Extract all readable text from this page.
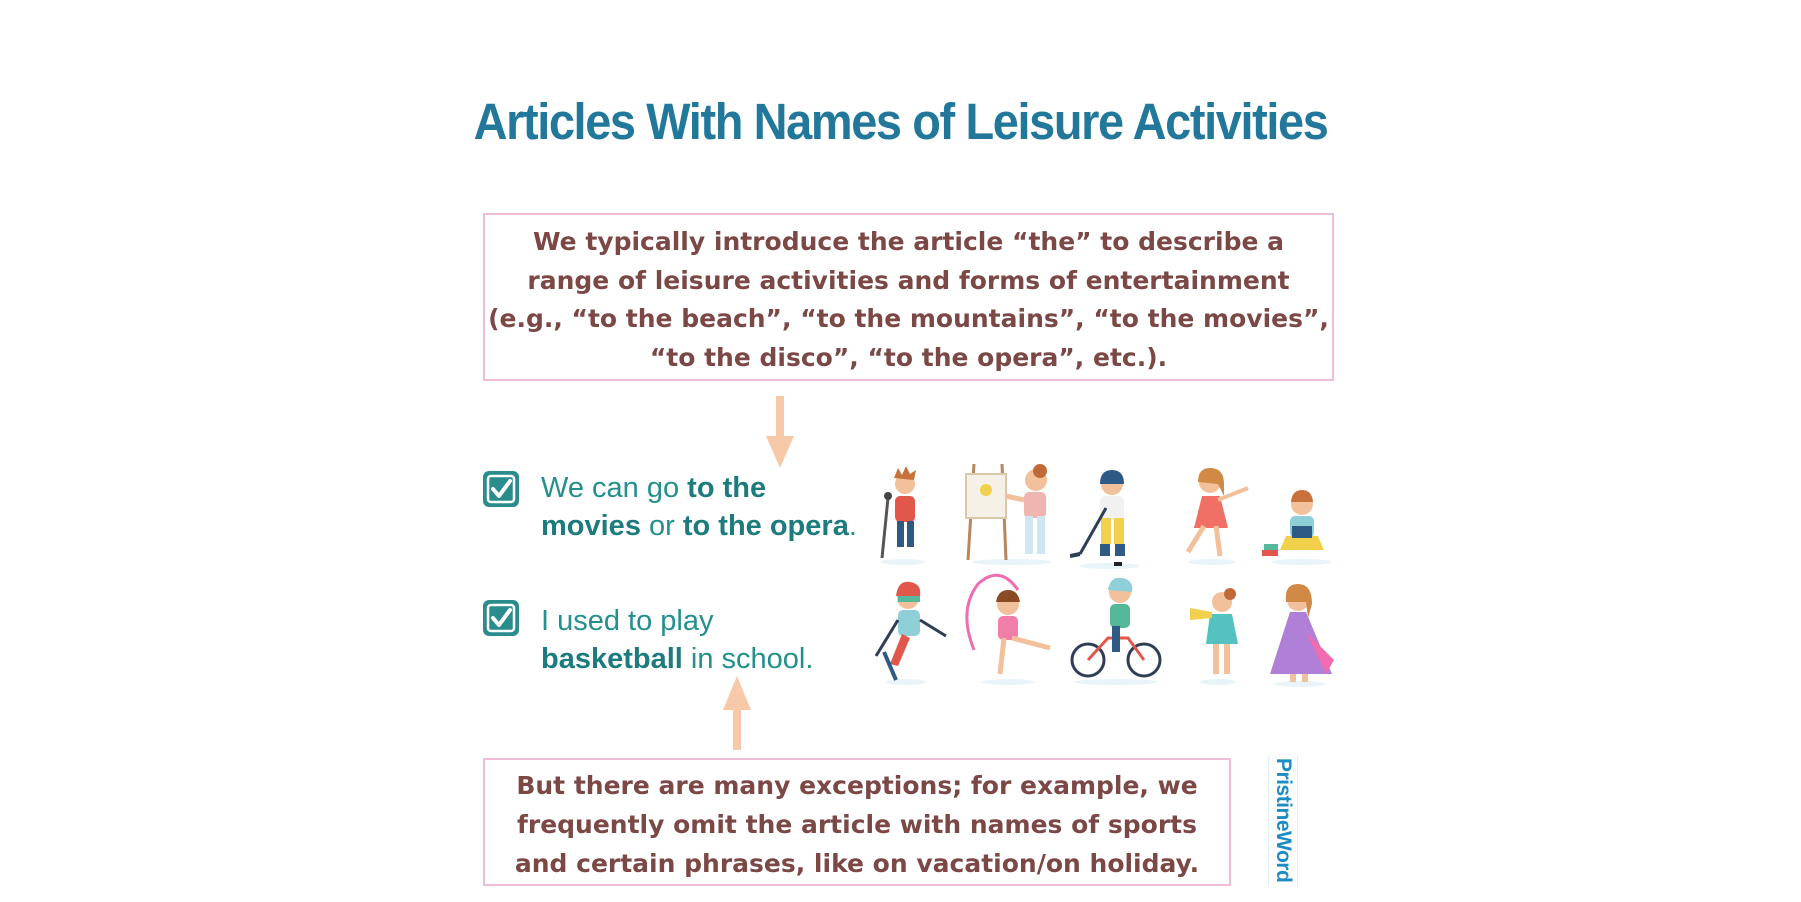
Articles With Names of Leisure Activities
We typically introduce the article “the” to describe a
range of leisure activities and forms of entertainment
(e.g., “to the beach”, “to the mountains”, “to the movies”,
“to the disco”, “to the opera”, etc.).
We can go to the
movies or to the opera.
I used to play
basketball in school.
But there are many exceptions; for example, we
frequently omit the article with names of sports
and certain phrases, like on vacation/on holiday.	PristineWord
